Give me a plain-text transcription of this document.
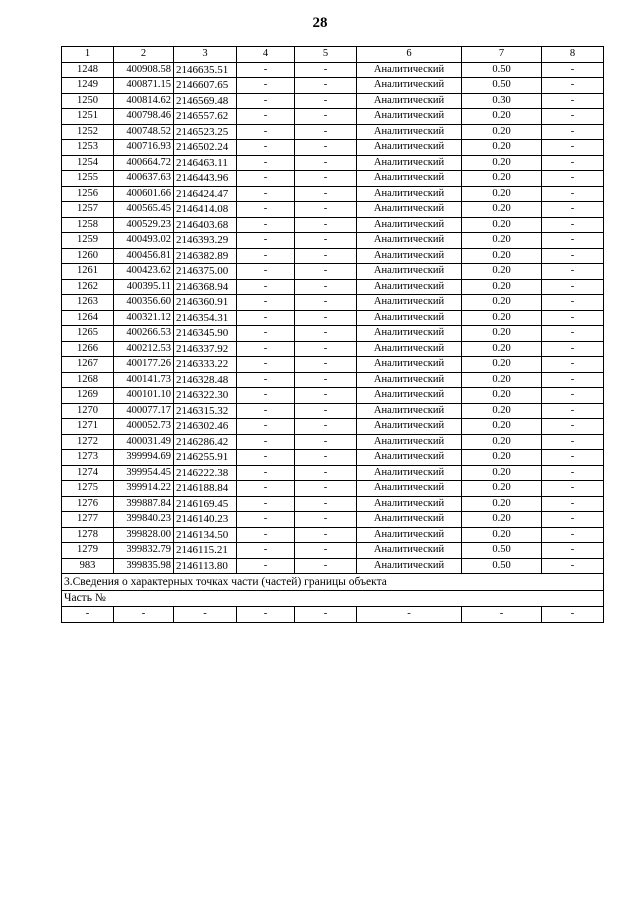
28
1	2	3	4	5	6	7	8
1248	400908.58	2146635.51	-	-	Аналитический	0.50	-
1249	400871.15	2146607.65	-	-	Аналитический	0.50	-
1250	400814.62	2146569.48	-	-	Аналитический	0.30	-
1251	400798.46	2146557.62	-	-	Аналитический	0.20	-
1252	400748.52	2146523.25	-	-	Аналитический	0.20	-
1253	400716.93	2146502.24	-	-	Аналитический	0.20	-
1254	400664.72	2146463.11	-	-	Аналитический	0.20	-
1255	400637.63	2146443.96	-	-	Аналитический	0.20	-
1256	400601.66	2146424.47	-	-	Аналитический	0.20	-
1257	400565.45	2146414.08	-	-	Аналитический	0.20	-
1258	400529.23	2146403.68	-	-	Аналитический	0.20	-
1259	400493.02	2146393.29	-	-	Аналитический	0.20	-
1260	400456.81	2146382.89	-	-	Аналитический	0.20	-
1261	400423.62	2146375.00	-	-	Аналитический	0.20	-
1262	400395.11	2146368.94	-	-	Аналитический	0.20	-
1263	400356.60	2146360.91	-	-	Аналитический	0.20	-
1264	400321.12	2146354.31	-	-	Аналитический	0.20	-
1265	400266.53	2146345.90	-	-	Аналитический	0.20	-
1266	400212.53	2146337.92	-	-	Аналитический	0.20	-
1267	400177.26	2146333.22	-	-	Аналитический	0.20	-
1268	400141.73	2146328.48	-	-	Аналитический	0.20	-
1269	400101.10	2146322.30	-	-	Аналитический	0.20	-
1270	400077.17	2146315.32	-	-	Аналитический	0.20	-
1271	400052.73	2146302.46	-	-	Аналитический	0.20	-
1272	400031.49	2146286.42	-	-	Аналитический	0.20	-
1273	399994.69	2146255.91	-	-	Аналитический	0.20	-
1274	399954.45	2146222.38	-	-	Аналитический	0.20	-
1275	399914.22	2146188.84	-	-	Аналитический	0.20	-
1276	399887.84	2146169.45	-	-	Аналитический	0.20	-
1277	399840.23	2146140.23	-	-	Аналитический	0.20	-
1278	399828.00	2146134.50	-	-	Аналитический	0.20	-
1279	399832.79	2146115.21	-	-	Аналитический	0.50	-
983	399835.98	2146113.80	-	-	Аналитический	0.50	-
3.Сведения о характерных точках части (частей) границы объекта							
Часть №							
-	-	-	-	-	-	-	-
